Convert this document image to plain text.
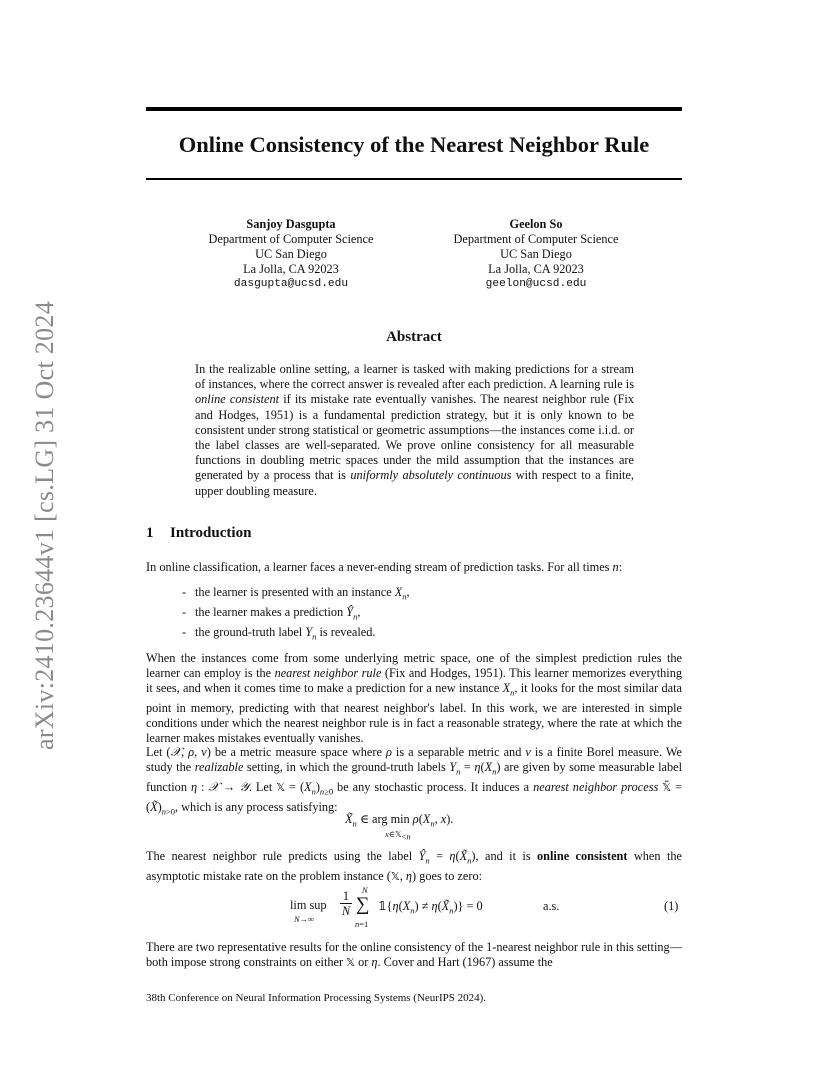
arXiv:2410.23644v1 [cs.LG] 31 Oct 2024
Online Consistency of the Nearest Neighbor Rule
Sanjoy Dasgupta
Department of Computer Science
UC San Diego
La Jolla, CA 92023
dasgupta@ucsd.edu
Geelon So
Department of Computer Science
UC San Diego
La Jolla, CA 92023
geelon@ucsd.edu
Abstract
In the realizable online setting, a learner is tasked with making predictions for a stream of instances, where the correct answer is revealed after each prediction. A learning rule is online consistent if its mistake rate eventually vanishes. The nearest neighbor rule (Fix and Hodges, 1951) is a fundamental prediction strategy, but it is only known to be consistent under strong statistical or geometric assumptions—the instances come i.i.d. or the label classes are well-separated. We prove online consistency for all measurable functions in doubling metric spaces under the mild assumption that the instances are generated by a process that is uniformly absolutely continuous with respect to a finite, upper doubling measure.
1 Introduction
In online classification, a learner faces a never-ending stream of prediction tasks. For all times n:
- the learner is presented with an instance $X_n$,
- the learner makes a prediction $Ŷ_n$,
- the ground-truth label $Y_n$ is revealed.
When the instances come from some underlying metric space, one of the simplest prediction rules the learner can employ is the nearest neighbor rule (Fix and Hodges, 1951). This learner memorizes everything it sees, and when it comes time to make a prediction for a new instance $X_n$, it looks for the most similar data point in memory, predicting with that nearest neighbor's label. In this work, we are interested in simple conditions under which the nearest neighbor rule is in fact a reasonable strategy, where the rate at which the learner makes mistakes eventually vanishes.
Let (𝒳, ρ, ν) be a metric measure space where ρ is a separable metric and ν is a finite Borel measure. We study the realizable setting, in which the ground-truth labels $Y_n = \eta(X_n)$ are given by some measurable label function η : 𝒳 → 𝒴. Let 𝕏 = $(X_n)_{n\ge 0}$ be any stochastic process. It induces a nearest neighbor process 𝕏̃ = $(X̃)_{n>0}$, which is any process satisfying:
$X̃_n$ ∈ arg $\min \rho(X_n$, x).
x∈𝕏$_{<n}$
The nearest neighbor rule predicts using the label $Ŷ_n$ = $\eta(X̃_n)$, and it is online consistent when the asymptotic mistake rate on the problem instance (𝕏, η) goes to zero:
lim sup
N→∞
1
N
N
∑
n=1
$𝟙\{\eta(X_n)$ ≠ $\eta(X̃_n)\} = 0$	a.s.	(1)
There are two representative results for the online consistency of the 1-nearest neighbor rule in this setting—both impose strong constraints on either 𝕏 or η. Cover and Hart (1967) assume the
38th Conference on Neural Information Processing Systems (NeurIPS 2024).
